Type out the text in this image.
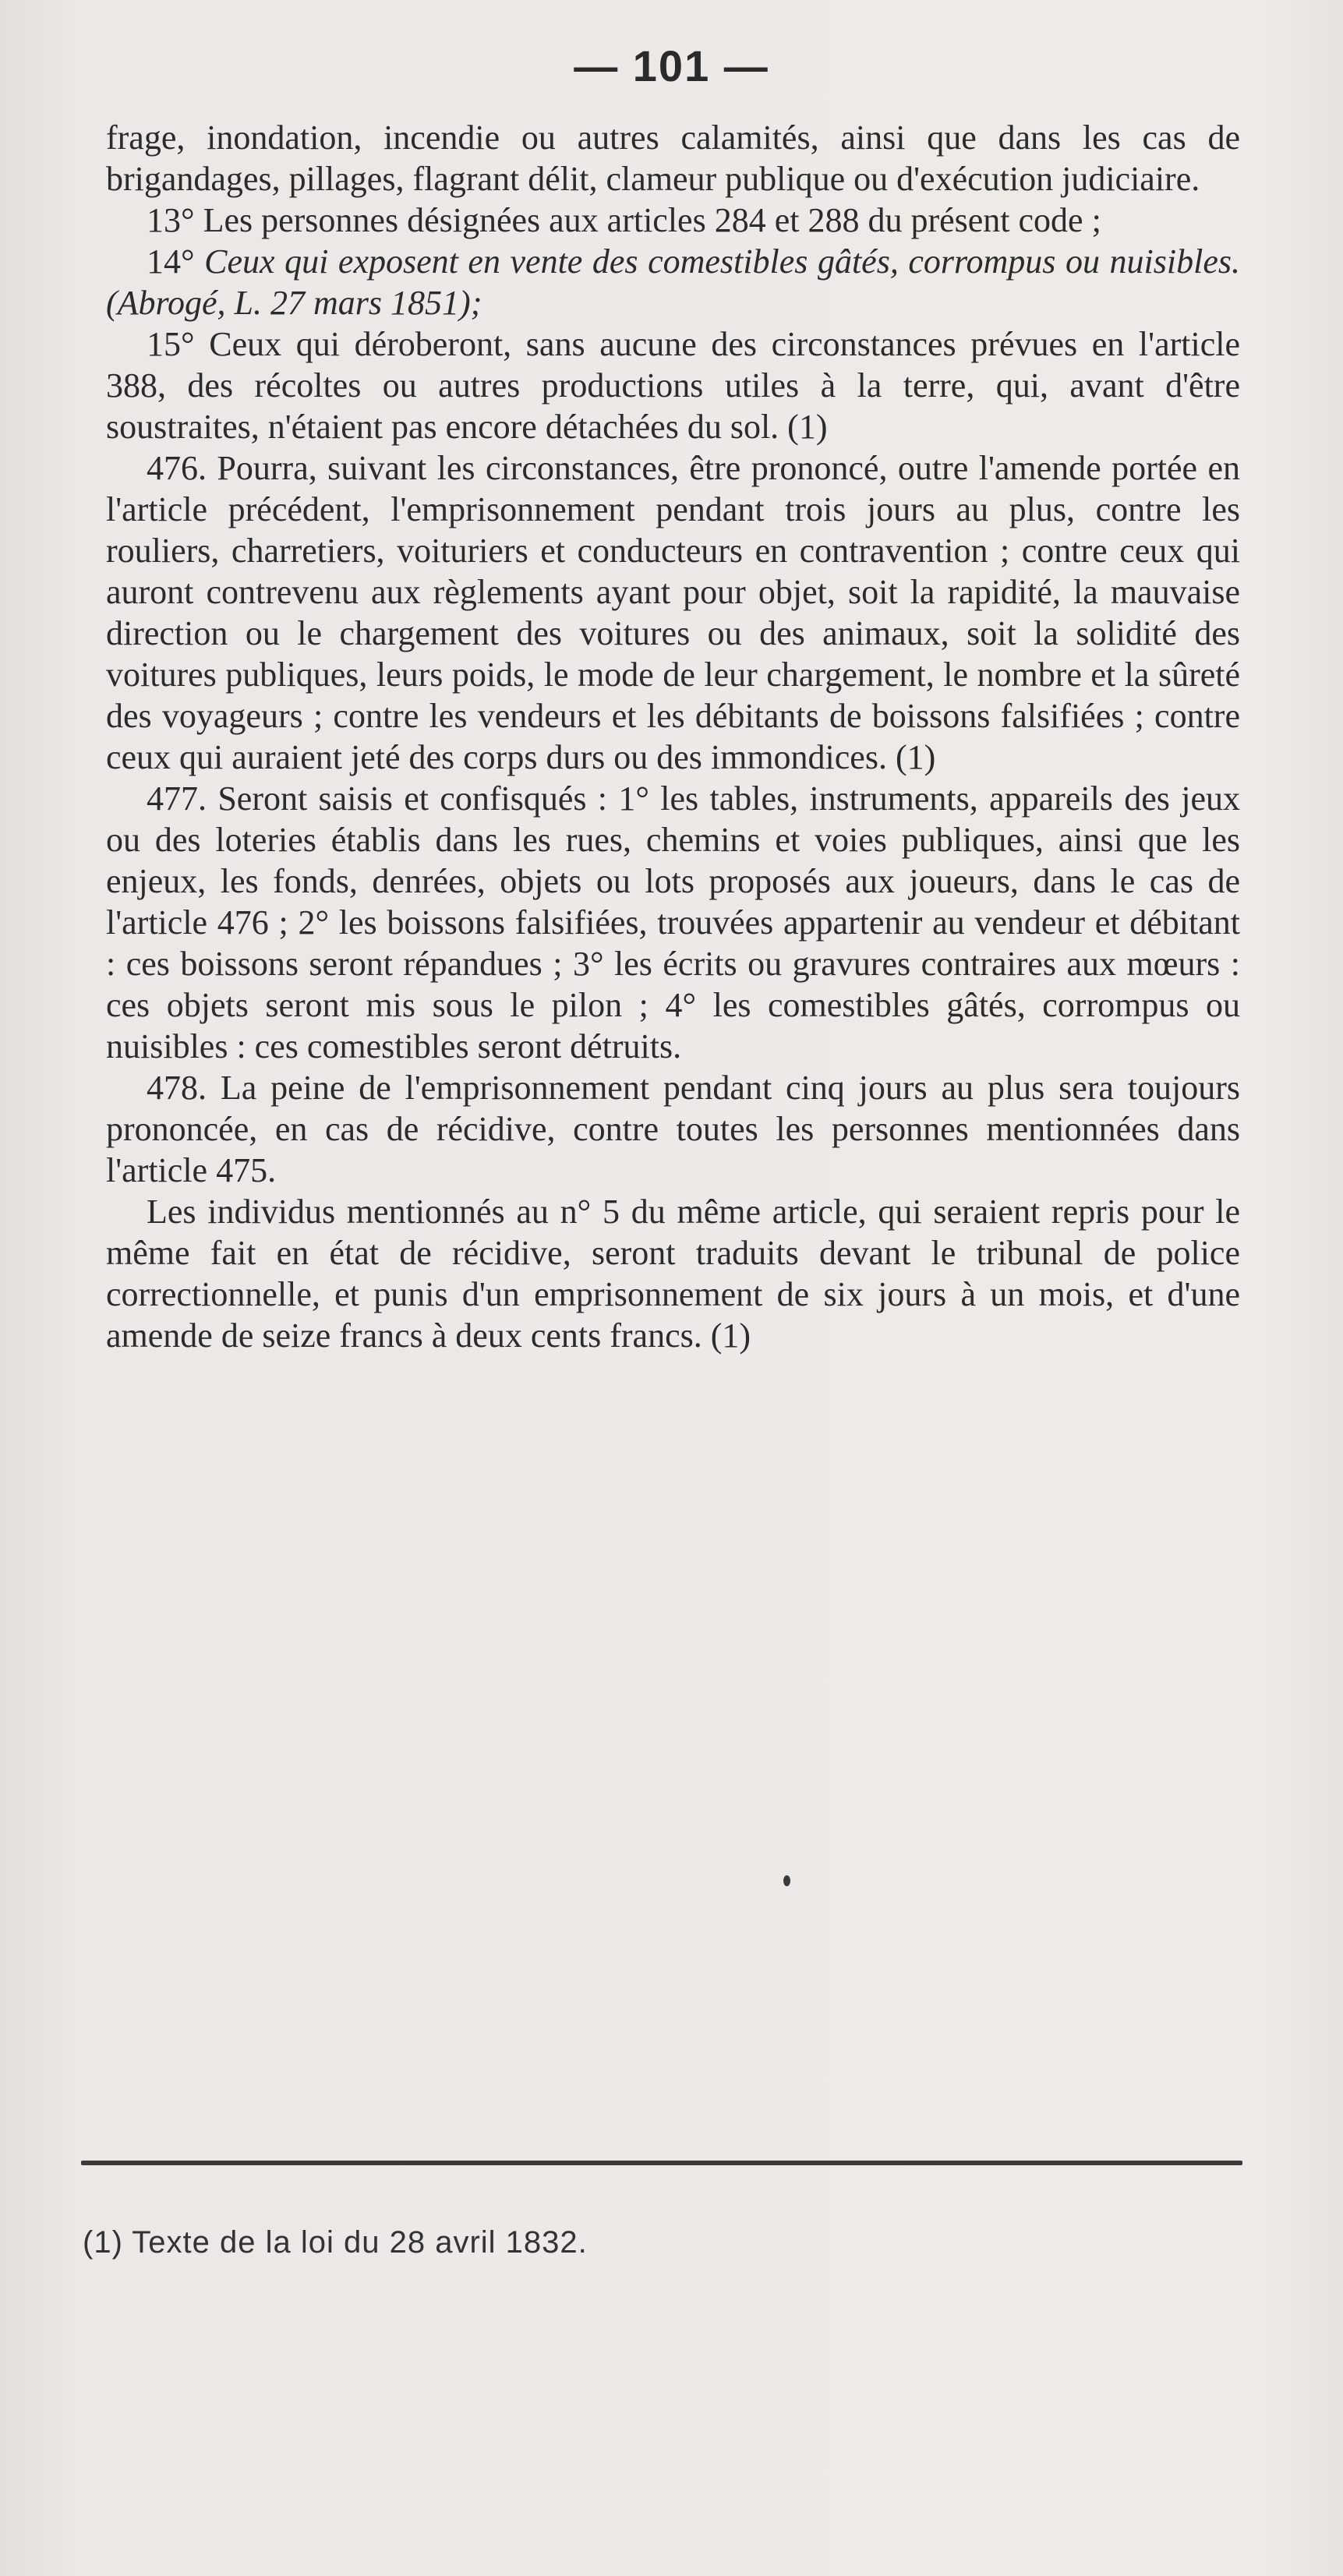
— 101 —

frage, inondation, incendie ou autres calamités, ainsi que dans les cas de brigandages, pillages, flagrant délit, clameur publique ou d'exécution judiciaire.

13° Les personnes désignées aux articles 284 et 288 du présent code ;

14° Ceux qui exposent en vente des comestibles gâtés, corrompus ou nuisibles. (Abrogé, L. 27 mars 1851);

15° Ceux qui déroberont, sans aucune des circonstances prévues en l'article 388, des récoltes ou autres productions utiles à la terre, qui, avant d'être soustraites, n'étaient pas encore détachées du sol. (1)

476. Pourra, suivant les circonstances, être prononcé, outre l'amende portée en l'article précédent, l'emprisonnement pendant trois jours au plus, contre les rouliers, charretiers, voituriers et conducteurs en contravention ; contre ceux qui auront contrevenu aux règlements ayant pour objet, soit la rapidité, la mauvaise direction ou le chargement des voitures ou des animaux, soit la solidité des voitures publiques, leurs poids, le mode de leur chargement, le nombre et la sûreté des voyageurs ; contre les vendeurs et les débitants de boissons falsifiées ; contre ceux qui auraient jeté des corps durs ou des immondices. (1)

477. Seront saisis et confisqués : 1° les tables, instruments, appareils des jeux ou des loteries établis dans les rues, chemins et voies publiques, ainsi que les enjeux, les fonds, denrées, objets ou lots proposés aux joueurs, dans le cas de l'article 476 ; 2° les boissons falsifiées, trouvées appartenir au vendeur et débitant : ces boissons seront répandues ; 3° les écrits ou gravures contraires aux mœurs : ces objets seront mis sous le pilon ; 4° les comestibles gâtés, corrompus ou nuisibles : ces comestibles seront détruits.

478. La peine de l'emprisonnement pendant cinq jours au plus sera toujours prononcée, en cas de récidive, contre toutes les personnes mentionnées dans l'article 475.

Les individus mentionnés au n° 5 du même article, qui seraient repris pour le même fait en état de récidive, seront traduits devant le tribunal de police correctionnelle, et punis d'un emprisonnement de six jours à un mois, et d'une amende de seize francs à deux cents francs. (1)

(1) Texte de la loi du 28 avril 1832.
